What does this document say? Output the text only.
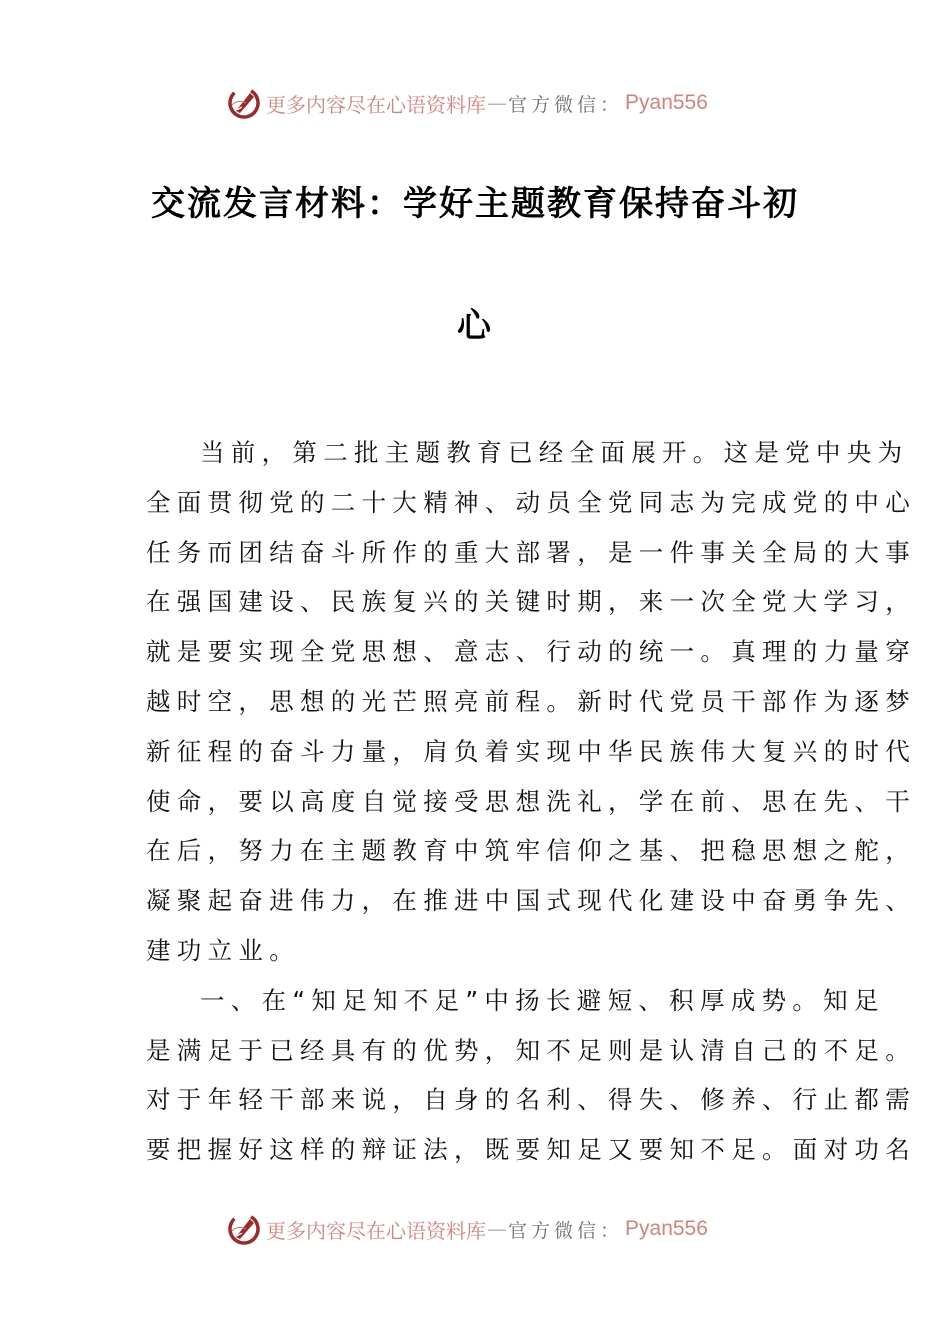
更多内容尽在心语资料库 — 官方微信： Pyan556
交流发言材料：学好主题教育保持奋斗初
心
当前，第二批主题教育已经全面展开。这是党中央为
全面贯彻党的二十大精神、动员全党同志为完成党的中心
任务而团结奋斗所作的重大部署，是一件事关全局的大事
在强国建设、民族复兴的关键时期，来一次全党大学习，
就是要实现全党思想、意志、行动的统一。真理的力量穿
越时空，思想的光芒照亮前程。新时代党员干部作为逐梦
新征程的奋斗力量，肩负着实现中华民族伟大复兴的时代
使命，要以高度自觉接受思想洗礼，学在前、思在先、干
在后，努力在主题教育中筑牢信仰之基、把稳思想之舵，
凝聚起奋进伟力，在推进中国式现代化建设中奋勇争先、
建功立业。
一、在“知足知不足”中扬长避短、积厚成势。知足
是满足于已经具有的优势，知不足则是认清自己的不足。
对于年轻干部来说，自身的名利、得失、修养、行止都需
要把握好这样的辩证法，既要知足又要知不足。面对功名
更多内容尽在心语资料库 — 官方微信： Pyan556
